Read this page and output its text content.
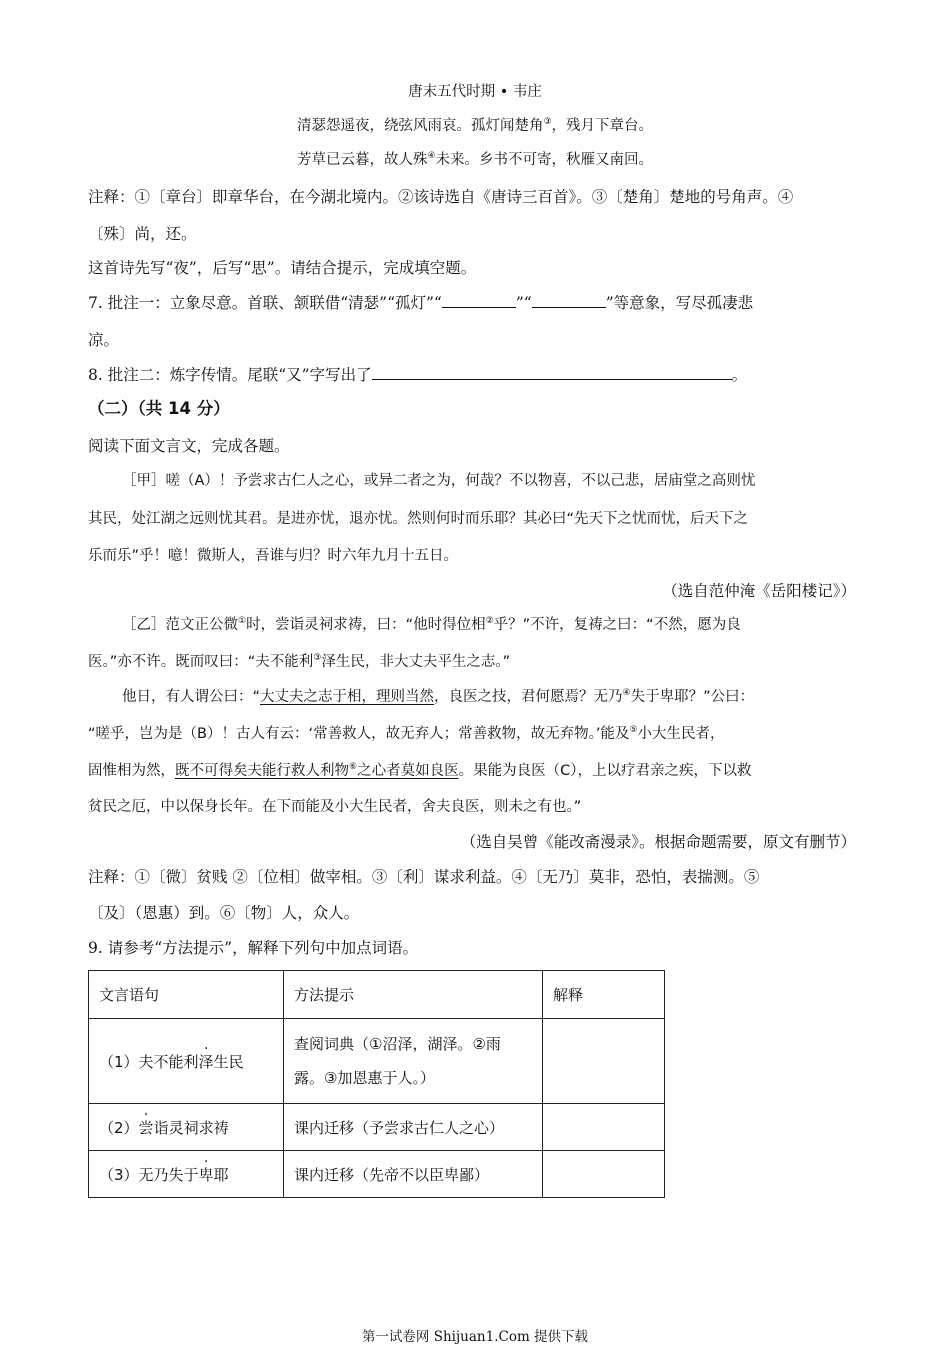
唐末五代时期 • 韦庄
清瑟怨遥夜，绕弦风雨哀。孤灯闻楚角③，残月下章台。
芳草已云暮，故人殊④未来。乡书不可寄，秋雁又南回。
注释：①〔章台〕即章华台，在今湖北境内。②该诗选自《唐诗三百首》。③〔楚角〕楚地的号角声。④
〔殊〕尚，还。
这首诗先写“夜”，后写“思”。请结合提示，完成填空题。
7. 批注一：立象尽意。首联、颔联借“清瑟”“孤灯”“	”“	”等意象，写尽孤凄悲
凉。
8. 批注二：炼字传情。尾联“又”字写出了	。
（二）（共 14 分）
阅读下面文言文，完成各题。
［甲］嗟（A）！予尝求古仁人之心，或异二者之为，何哉？不以物喜，不以己悲，居庙堂之高则忧
其民，处江湖之远则忧其君。是进亦忧，退亦忧。然则何时而乐耶？其必曰“先天下之忧而忧，后天下之
乐而乐”乎！噫！微斯人，吾谁与归？时六年九月十五日。
（选自范仲淹《岳阳楼记》）
［乙］范文正公微①时，尝诣灵祠求祷，曰：“他时得位相②乎？”不许，复祷之曰：“不然，愿为良
医。”亦不许。既而叹曰：“夫不能利③泽生民，非大丈夫平生之志。”
他日，有人谓公曰：“大丈夫之志于相，理则当然，良医之技，君何愿焉？无乃④失于卑耶？”公曰：
“嗟乎，岂为是（B）！古人有云：‘常善救人，故无弃人；常善救物，故无弃物。’能及⑤小大生民者，
固惟相为然，既不可得矣夫能行救人利物⑥之心者莫如良医。果能为良医（C），上以疗君亲之疾，下以救
贫民之厄，中以保身长年。在下而能及小大生民者，舍夫良医，则未之有也。”
（选自吴曾《能改斋漫录》。根据命题需要，原文有删节）
注释：①〔微〕贫贱 ②〔位相〕做宰相。③〔利〕谋求利益。④〔无乃〕莫非，恐怕，表揣测。⑤
〔及〕（恩惠）到。⑥〔物〕人，众人。
9. 请参考“方法提示”，解释下列句中加点词语。
文言语句	方法提示	解释
（1）夫不能利泽生民	查阅词典（①沼泽，湖泽。②雨
露。③加恩惠于人。）	

（2）尝诣灵祠求祷	课内迁移（予尝求古仁人之心）	
（3）无乃失于卑耶	课内迁移（先帝不以臣卑鄙）	
第一试卷网 Shijuan1.Com 提供下载
